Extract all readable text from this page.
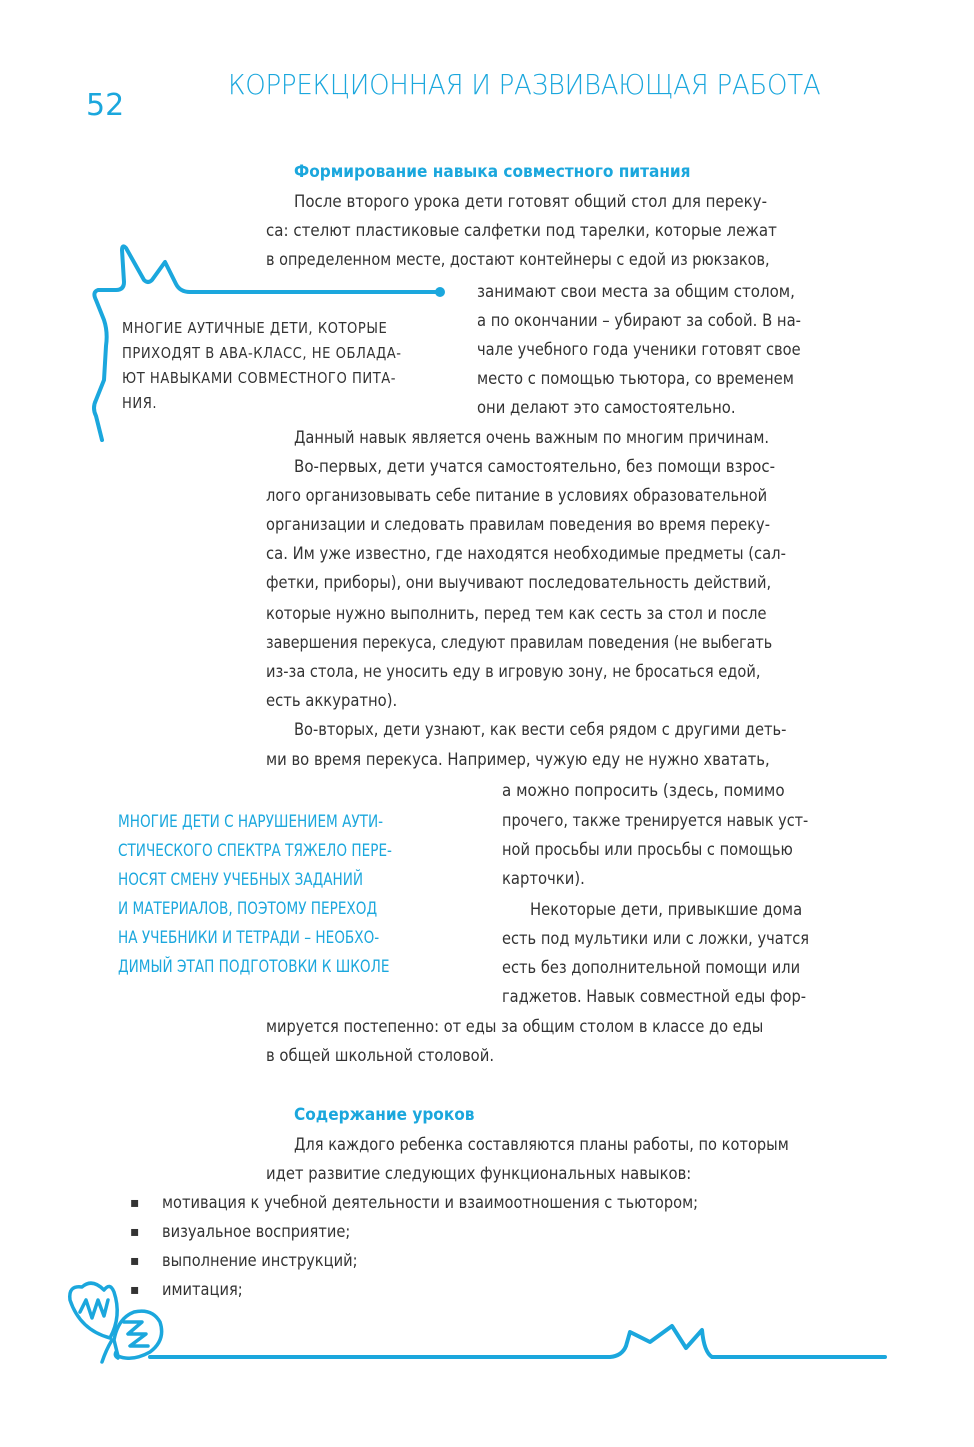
52
КОРРЕКЦИОННАЯ И РАЗВИВАЮЩАЯ РАБОТА
Формирование навыка совместного питания
После второго урока дети готовят общий стол для переку-
са: стелют пластиковые салфетки под тарелки, которые лежат
в определенном месте, достают контейнеры с едой из рюкзаков,
занимают свои места за общим столом,
а по окончании – убирают за собой. В на-
чале учебного года ученики готовят свое
место с помощью тьютора, со временем
они делают это самостоятельно.
Данный навык является очень важным по многим причинам.
Во-первых, дети учатся самостоятельно, без помощи взрос-
лого организовывать себе питание в условиях образовательной
организации и следовать правилам поведения во время переку-
са. Им уже известно, где находятся необходимые предметы (сал-
фетки, приборы), они выучивают последовательность действий,
которые нужно выполнить, перед тем как сесть за стол и после
завершения перекуса, следуют правилам поведения (не выбегать
из-за стола, не уносить еду в игровую зону, не бросаться едой,
есть аккуратно).
Во-вторых, дети узнают, как вести себя рядом с другими деть-
ми во время перекуса. Например, чужую еду не нужно хватать,
а можно попросить (здесь, помимо
прочего, также тренируется навык уст-
ной просьбы или просьбы с помощью
карточки).
Некоторые дети, привыкшие дома
есть под мультики или с ложки, учатся
есть без дополнительной помощи или
гаджетов. Навык совместной еды фор-
мируется постепенно: от еды за общим столом в классе до еды
в общей школьной столовой.
МНОГИЕ АУТИЧНЫЕ ДЕТИ, КОТОРЫЕ
ПРИХОДЯТ В АВА-КЛАСС, НЕ ОБЛАДА-
ЮТ НАВЫКАМИ СОВМЕСТНОГО ПИТА-
НИЯ.
МНОГИЕ ДЕТИ С НАРУШЕНИЕМ АУТИ-
СТИЧЕСКОГО СПЕКТРА ТЯЖЕЛО ПЕРЕ-
НОСЯТ СМЕНУ УЧЕБНЫХ ЗАДАНИЙ
И МАТЕРИАЛОВ, ПОЭТОМУ ПЕРЕХОД
НА УЧЕБНИКИ И ТЕТРАДИ – НЕОБХО-
ДИМЫЙ ЭТАП ПОДГОТОВКИ К ШКОЛЕ
Содержание уроков
Для каждого ребенка составляются планы работы, по которым
идет развитие следующих функциональных навыков:
▪ мотивация к учебной деятельности и взаимоотношения с тьютором;
▪ визуальное восприятие;
▪ выполнение инструкций;
▪ имитация;
